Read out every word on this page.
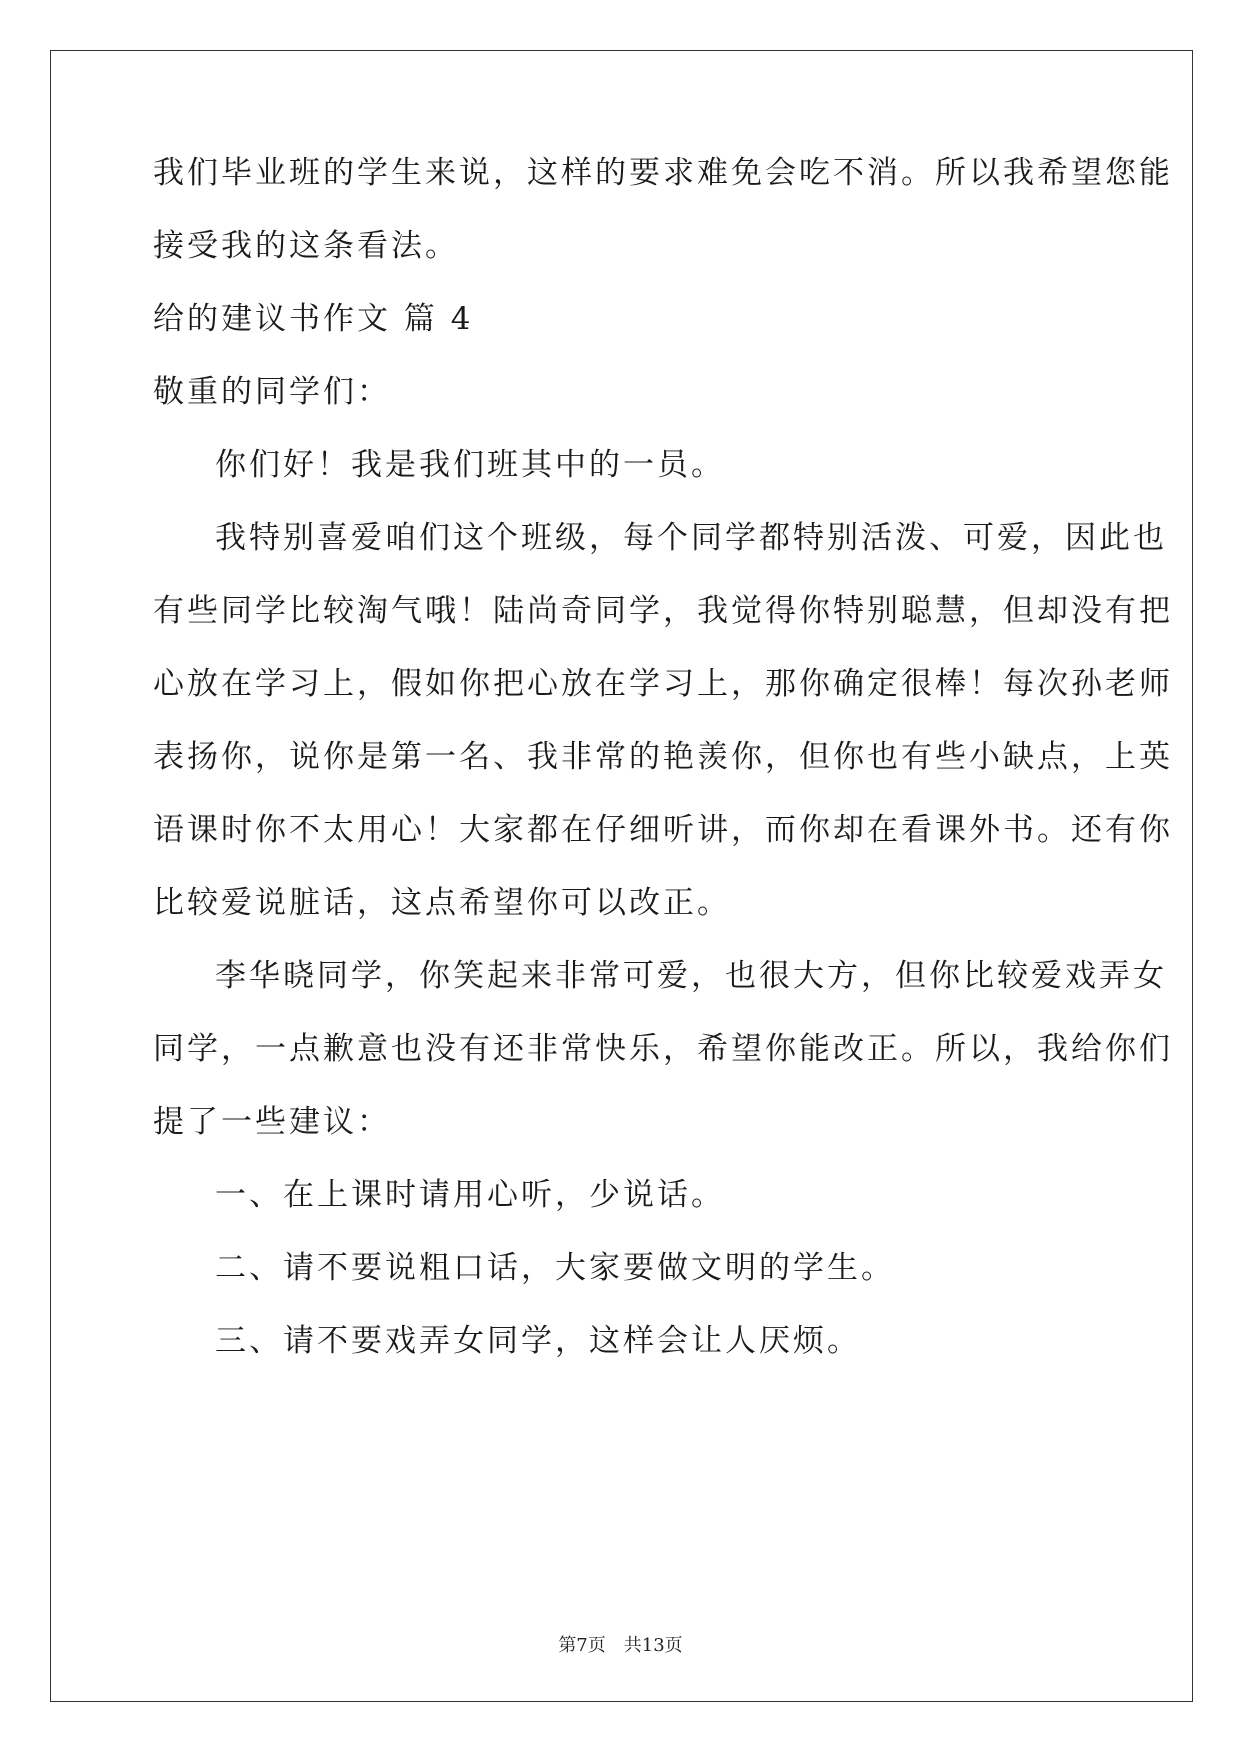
我们毕业班的学生来说，这样的要求难免会吃不消。所以我希望您能
接受我的这条看法。
给的建议书作文 篇 4
敬重的同学们：
你们好！我是我们班其中的一员。
我特别喜爱咱们这个班级，每个同学都特别活泼、可爱，因此也
有些同学比较淘气哦！陆尚奇同学，我觉得你特别聪慧，但却没有把
心放在学习上，假如你把心放在学习上，那你确定很棒！每次孙老师
表扬你，说你是第一名、我非常的艳羡你，但你也有些小缺点，上英
语课时你不太用心！大家都在仔细听讲，而你却在看课外书。还有你
比较爱说脏话，这点希望你可以改正。
李华晓同学，你笑起来非常可爱，也很大方，但你比较爱戏弄女
同学，一点歉意也没有还非常快乐，希望你能改正。所以，我给你们
提了一些建议：
一、在上课时请用心听，少说话。
二、请不要说粗口话，大家要做文明的学生。
三、请不要戏弄女同学，这样会让人厌烦。
第7页 共13页
